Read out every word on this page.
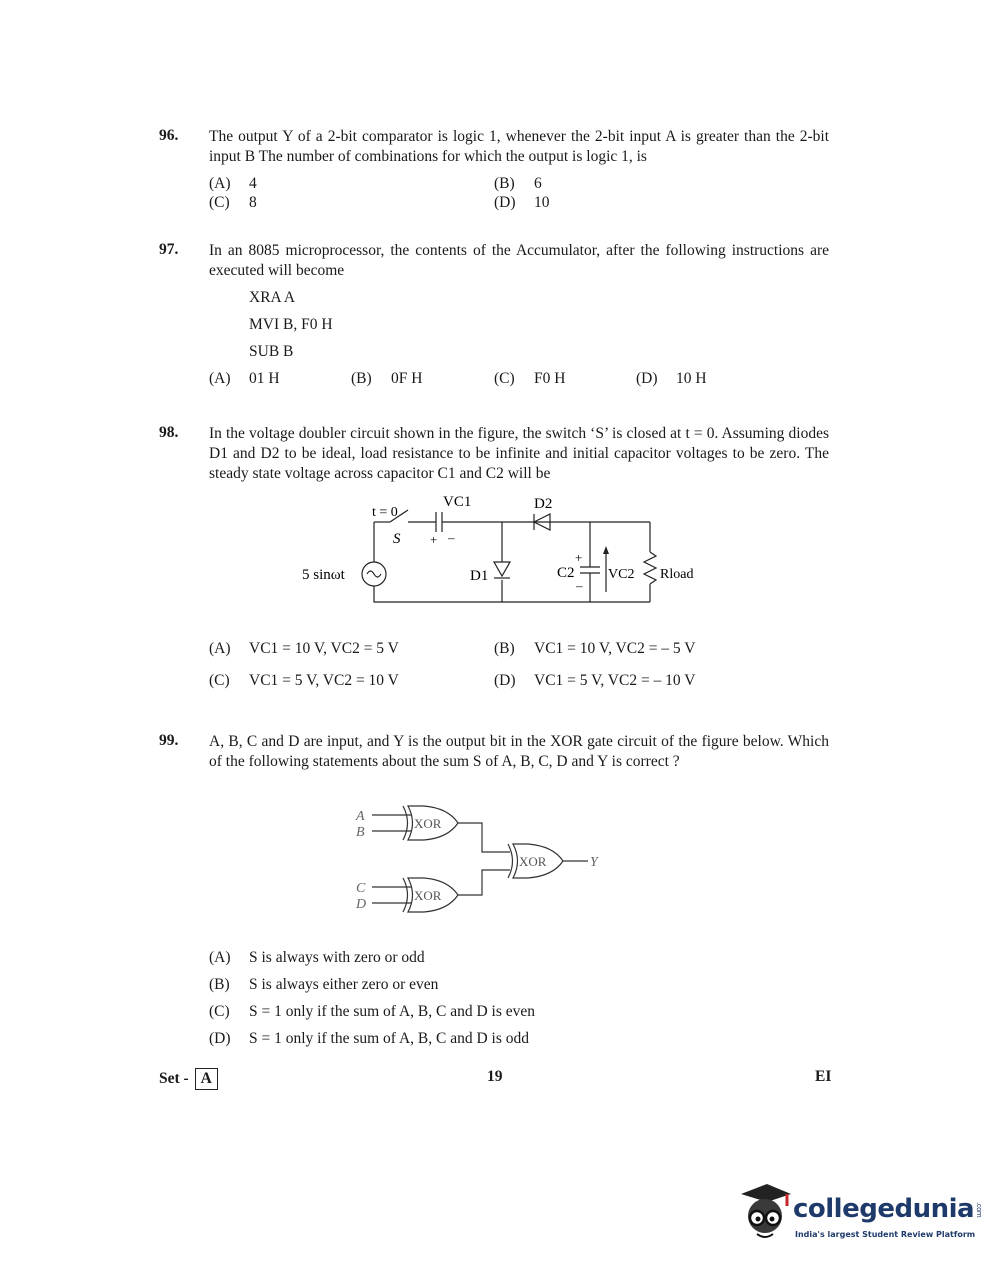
96. The output Y of a 2-bit comparator is logic 1, whenever the 2-bit input A is greater than the 2-bit input B The number of combinations for which the output is logic 1, is
(A) 4	(B) 6
(C) 8	(D) 10
97. In an 8085 microprocessor, the contents of the Accumulator, after the following instructions are executed will become
XRA A
MVI B, F0 H
SUB B
(A) 01 H	(B) 0F H	(C) F0 H	(D) 10 H
98. In the voltage doubler circuit shown in the figure, the switch ‘S’ is closed at t = 0. Assuming diodes D1 and D2 to be ideal, load resistance to be infinite and initial capacitor voltages to be zero. The steady state voltage across capacitor C1 and C2 will be
t = 0
S + –
VC1	D2
5 sinωt	D1	C2 VC2 Rload
+
–
(A) VC1 = 10 V, VC2 = 5 V	(B) VC1 = 10 V, VC2 = – 5 V
(C) VC1 = 5 V, VC2 = 10 V	(D) VC1 = 5 V, VC2 = – 10 V
99. A, B, C and D are input, and Y is the output bit in the XOR gate circuit of the figure below. Which of the following statements about the sum S of A, B, C, D and Y is correct ?
A
B
C
D
XOR
XOR
XOR
Y
(A) S is always with zero or odd
(B) S is always either zero or even
(C) S = 1 only if the sum of A, B, C and D is even
(D) S = 1 only if the sum of A, B, C and D is odd
Set - A	19	EI
collegedunia.com
India's largest Student Review Platform
